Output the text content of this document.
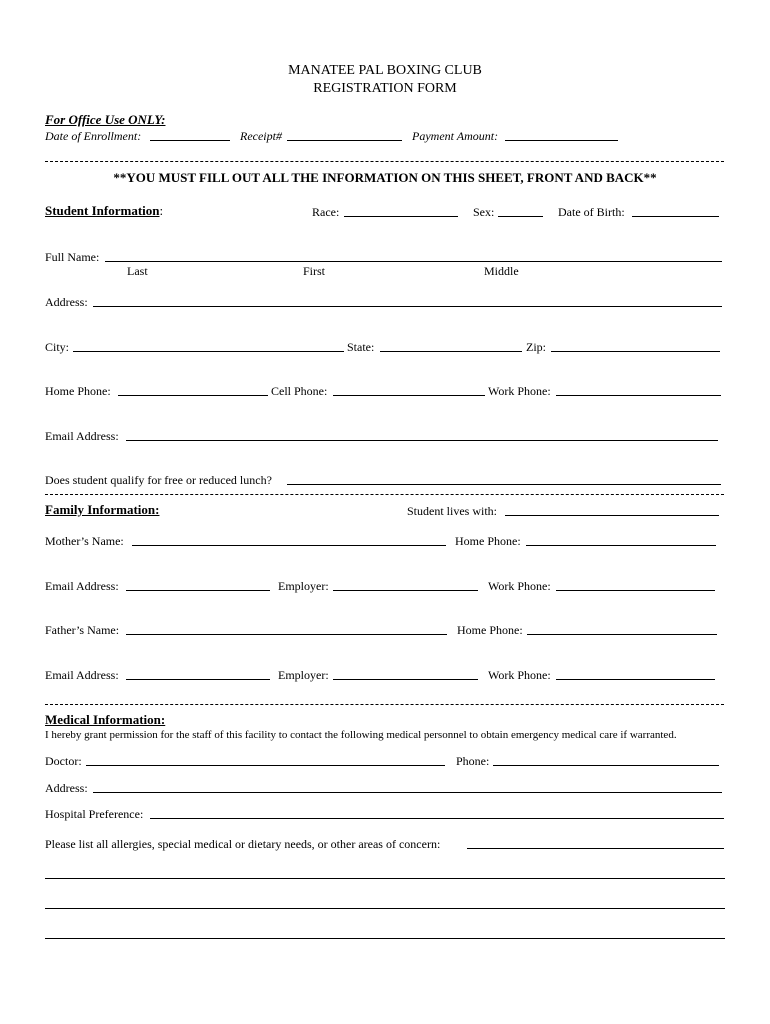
MANATEE PAL BOXING CLUB
REGISTRATION FORM
For Office Use ONLY:
Date of Enrollment:	Receipt#	Payment Amount:
**YOU MUST FILL OUT ALL THE INFORMATION ON THIS SHEET, FRONT AND BACK**
Student Information:	Race:	Sex:	Date of Birth:
Full Name:
Last	First	Middle
Address:
City:	State:	Zip:
Home Phone:	Cell Phone:	Work Phone:
Email Address:
Does student qualify for free or reduced lunch?
Family Information:	Student lives with:
Mother’s Name:	Home Phone:
Email Address:	Employer:	Work Phone:
Father’s Name:	Home Phone:
Email Address:	Employer:	Work Phone:
Medical Information:
I hereby grant permission for the staff of this facility to contact the following medical personnel to obtain emergency medical care if warranted.
Doctor:	Phone:
Address:
Hospital Preference:
Please list all allergies, special medical or dietary needs, or other areas of concern:
